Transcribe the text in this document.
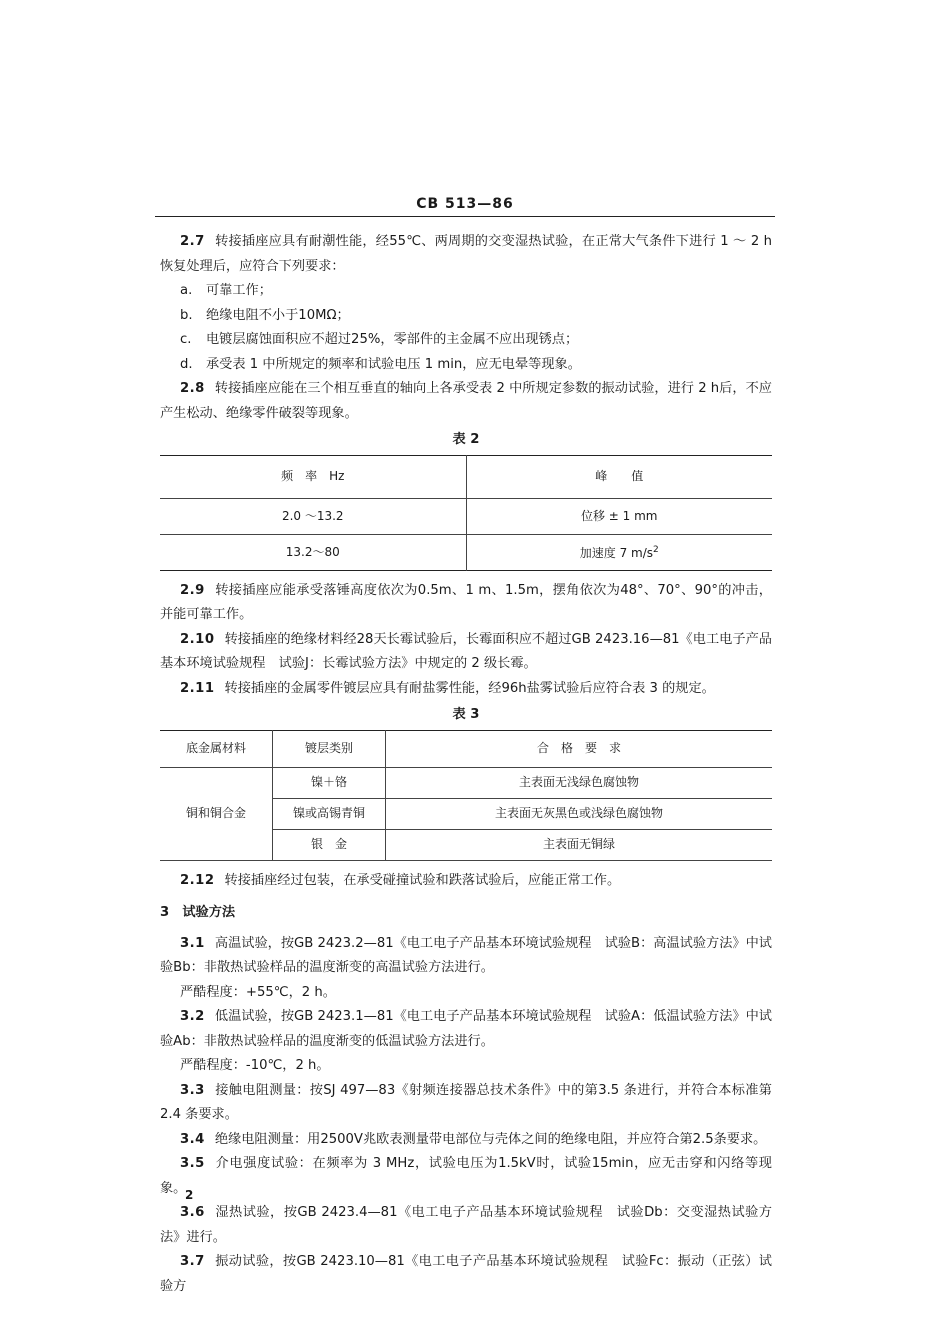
CB 513—86

2.7 转接插座应具有耐潮性能，经55℃、两周期的交变湿热试验，在正常大气条件下进行 1 ～ 2 h恢复处理后，应符合下列要求：

a. 可靠工作；

b. 绝缘电阻不小于10MΩ；

c. 电镀层腐蚀面积应不超过25%，零部件的主金属不应出现锈点；

d. 承受表 1 中所规定的频率和试验电压 1 min，应无电晕等现象。

2.8 转接插座应能在三个相互垂直的轴向上各承受表 2 中所规定参数的振动试验，进行 2 h后，不应产生松动、绝缘零件破裂等现象。

表 2
频　率　Hz	峰　　值
2.0 ～13.2	位移 ± 1 mm
13.2～80	加速度 7 $m/s^2$

2.9 转接插座应能承受落锤高度依次为0.5m、1 m、1.5m，摆角依次为48°、70°、90°的冲击，并能可靠工作。

2.10 转接插座的绝缘材料经28天长霉试验后，长霉面积应不超过GB 2423.16—81《电工电子产品基本环境试验规程　试验J：长霉试验方法》中规定的 2 级长霉。

2.11 转接插座的金属零件镀层应具有耐盐雾性能，经96h盐雾试验后应符合表 3 的规定。

表 3
底金属材料	镀层类别	合　格　要　求
铜和铜合金	镍＋铬	主表面无浅绿色腐蚀物
	镍或高锡青铜	主表面无灰黑色或浅绿色腐蚀物
	银　金	主表面无铜绿

2.12 转接插座经过包装，在承受碰撞试验和跌落试验后，应能正常工作。

3　试验方法

3.1 高温试验，按GB 2423.2—81《电工电子产品基本环境试验规程　试验B：高温试验方法》中试验Bb：非散热试验样品的温度渐变的高温试验方法进行。

严酷程度：+55℃，2 h。

3.2 低温试验，按GB 2423.1—81《电工电子产品基本环境试验规程　试验A：低温试验方法》中试验Ab：非散热试验样品的温度渐变的低温试验方法进行。

严酷程度：-10℃，2 h。

3.3 接触电阻测量：按SJ 497—83《射频连接器总技术条件》中的第3.5 条进行，并符合本标准第2.4 条要求。

3.4 绝缘电阻测量：用2500V兆欧表测量带电部位与壳体之间的绝缘电阻，并应符合第2.5条要求。

3.5 介电强度试验：在频率为 3 MHz，试验电压为1.5kV时，试验15min，应无击穿和闪络等现象。

3.6 湿热试验，按GB 2423.4—81《电工电子产品基本环境试验规程　试验Db：交变湿热试验方法》进行。

3.7 振动试验，按GB 2423.10—81《电工电子产品基本环境试验规程　试验Fc：振动（正弦）试验方

2
